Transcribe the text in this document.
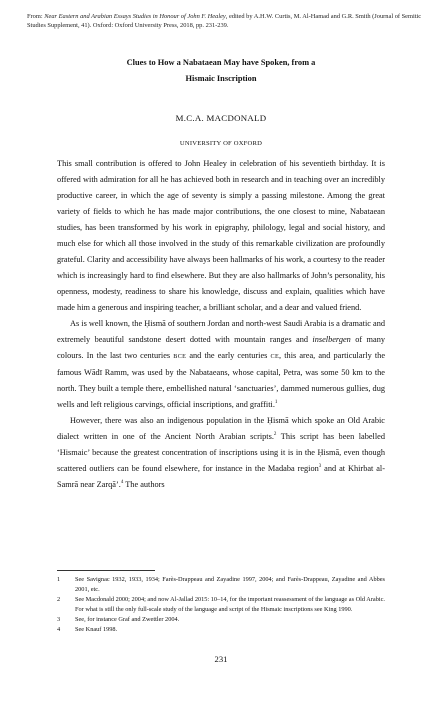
From: Near Eastern and Arabian Essays Studies in Honour of John F. Healey, edited by A.H.W. Curtis, M. Al-Hamad and G.R. Smith (Journal of Semitic Studies Supplement, 41). Oxford: Oxford University Press, 2018, pp. 231-239.
Clues to How a Nabataean May have Spoken, from a
Hismaic Inscription
M.C.A. MACDONALD
UNIVERSITY OF OXFORD

This small contribution is offered to John Healey in celebration of his seventieth birthday. It is offered with admiration for all he has achieved both in research and in teaching over an incredibly productive career, in which the age of seventy is simply a passing milestone. Among the great variety of fields to which he has made major contributions, the one closest to mine, Nabataean studies, has been transformed by his work in epigraphy, philology, legal and social history, and much else for which all those involved in the study of this remarkable civilization are profoundly grateful. Clarity and accessibility have always been hallmarks of his work, a courtesy to the reader which is increasingly hard to find elsewhere. But they are also hallmarks of John’s personality, his openness, modesty, readiness to share his knowledge, discuss and explain, qualities which have made him a generous and inspiring teacher, a brilliant scholar, and a dear and valued friend.

As is well known, the Ḥismā of southern Jordan and north-west Saudi Arabia is a dramatic and extremely beautiful sandstone desert dotted with mountain ranges and inselbergen of many colours. In the last two centuries BCE and the early centuries CE, this area, and particularly the famous Wādī Ramm, was used by the Nabataeans, whose capital, Petra, was some 50 km to the north. They built a temple there, embellished natural ‘sanctuaries’, dammed numerous gullies, dug wells and left religious carvings, official inscriptions, and graffiti.$^1$

However, there was also an indigenous population in the Ḥismā which spoke an Old Arabic dialect written in one of the Ancient North Arabian scripts.$^2$ This script has been labelled ‘Hismaic’ because the greatest concentration of inscriptions using it is in the Ḥismā, even though scattered outliers can be found elsewhere, for instance in the Madaba region$^3$ and at Khirbat al-Samrā near Zarqā’.$^4$ The authors

1	See Savignac 1932, 1933, 1934; Farès-Drappeau and Zayadine 1997, 2004; and Farès-Drappeau, Zayadine and Abbes 2001, etc.
2	See Macdonald 2000; 2004; and now Al-Jallad 2015: 10–14, for the important reassessment of the language as Old Arabic. For what is still the only full-scale study of the language and script of the Hismaic inscriptions see King 1990.
3	See, for instance Graf and Zwettler 2004.
4	See Knauf 1998.
231
